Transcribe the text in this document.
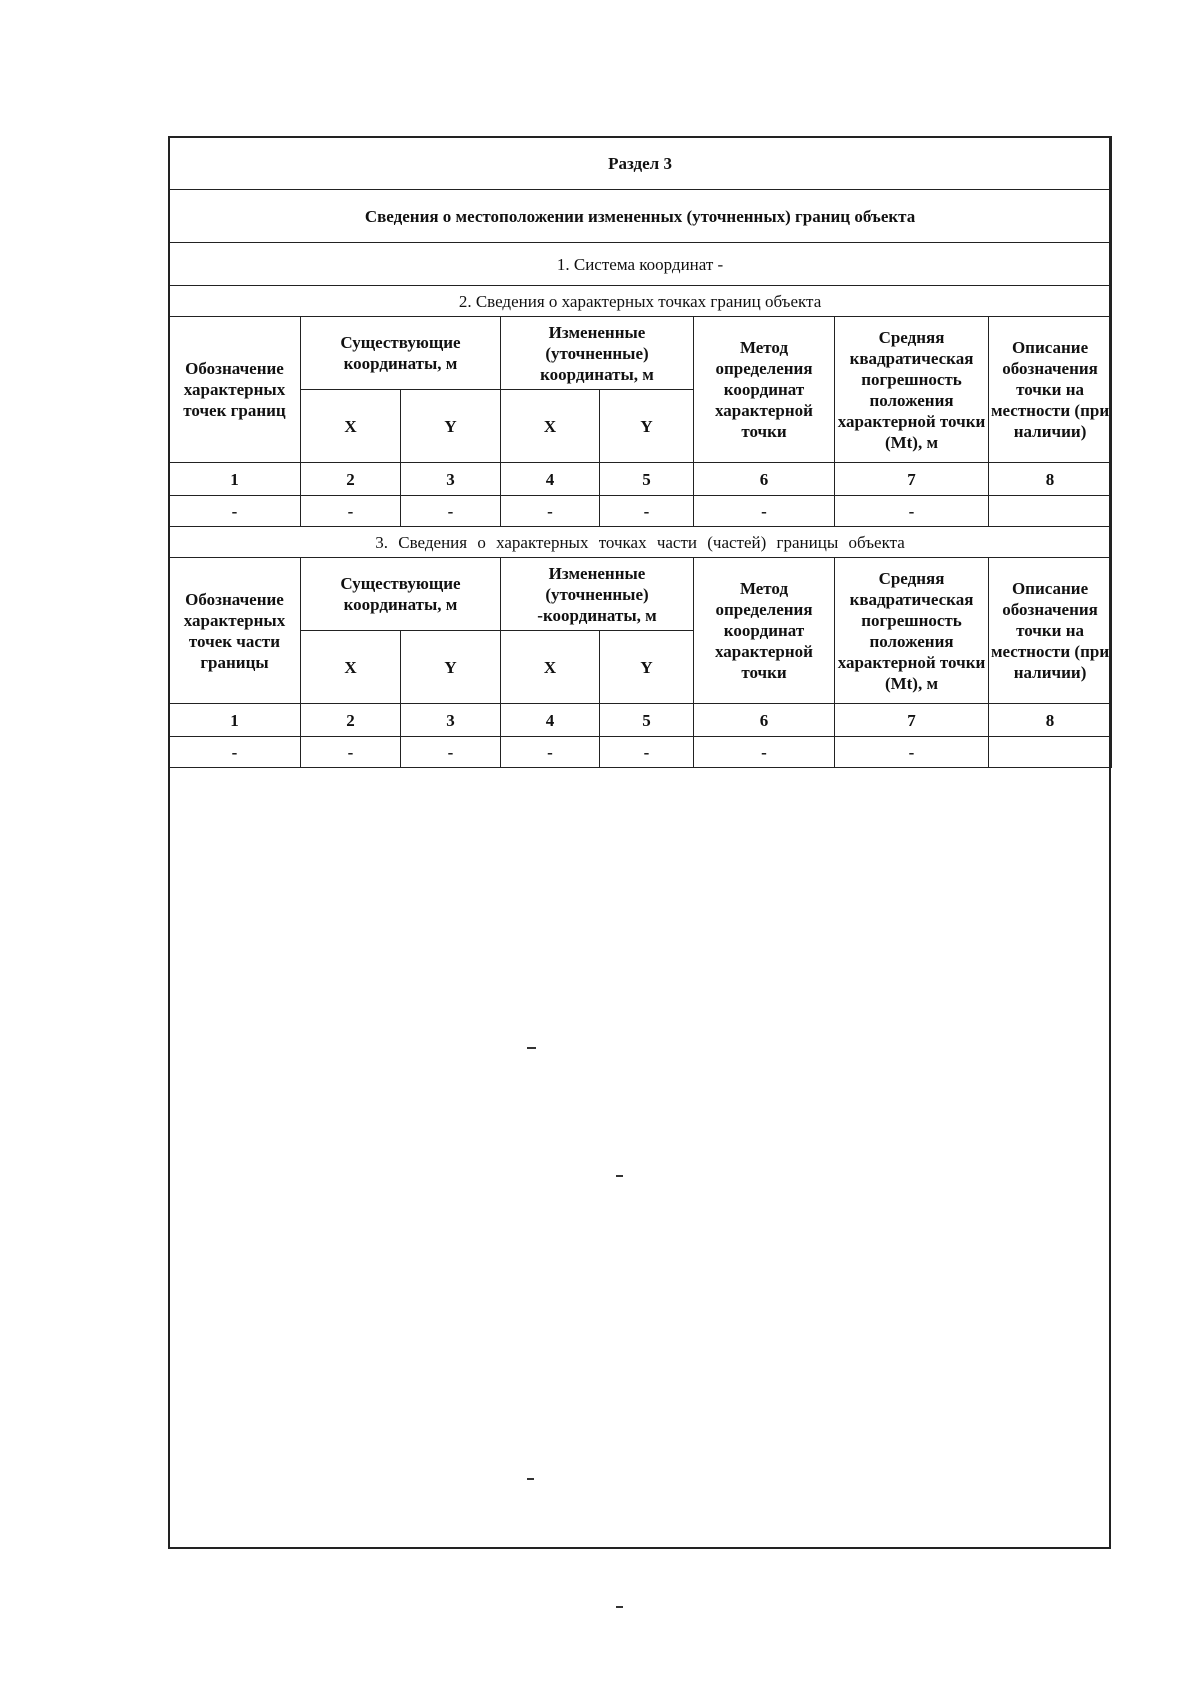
Раздел 3							
Сведения о местоположении измененных (уточненных) границ объекта							
1. Система координат -							
2. Сведения о характерных точках границ объекта							
Обозначение характерных точек границ	Существующие координаты, м		Измененные (уточненные) координаты, м		Метод определения координат характерной точки	Средняя квадратическая погрешность положения характерной точки (Mt), м	Описание обозначения точки на местности (при наличии)
	X	Y	X	Y			
1	2	3	4	5	6	7	8
-	-	-	-	-	-	-	
3. Сведения о характерных точках части (частей) границы объекта							
Обозначение характерных точек части границы	Существующие координаты, м		Измененные (уточненные) -координаты, м		Метод определения координат характерной точки	Средняя квадратическая погрешность положения характерной точки (Mt), м	Описание обозначения точки на местности (при наличии)
	X	Y	X	Y			
1	2	3	4	5	6	7	8
-	-	-	-	-	-	-	
